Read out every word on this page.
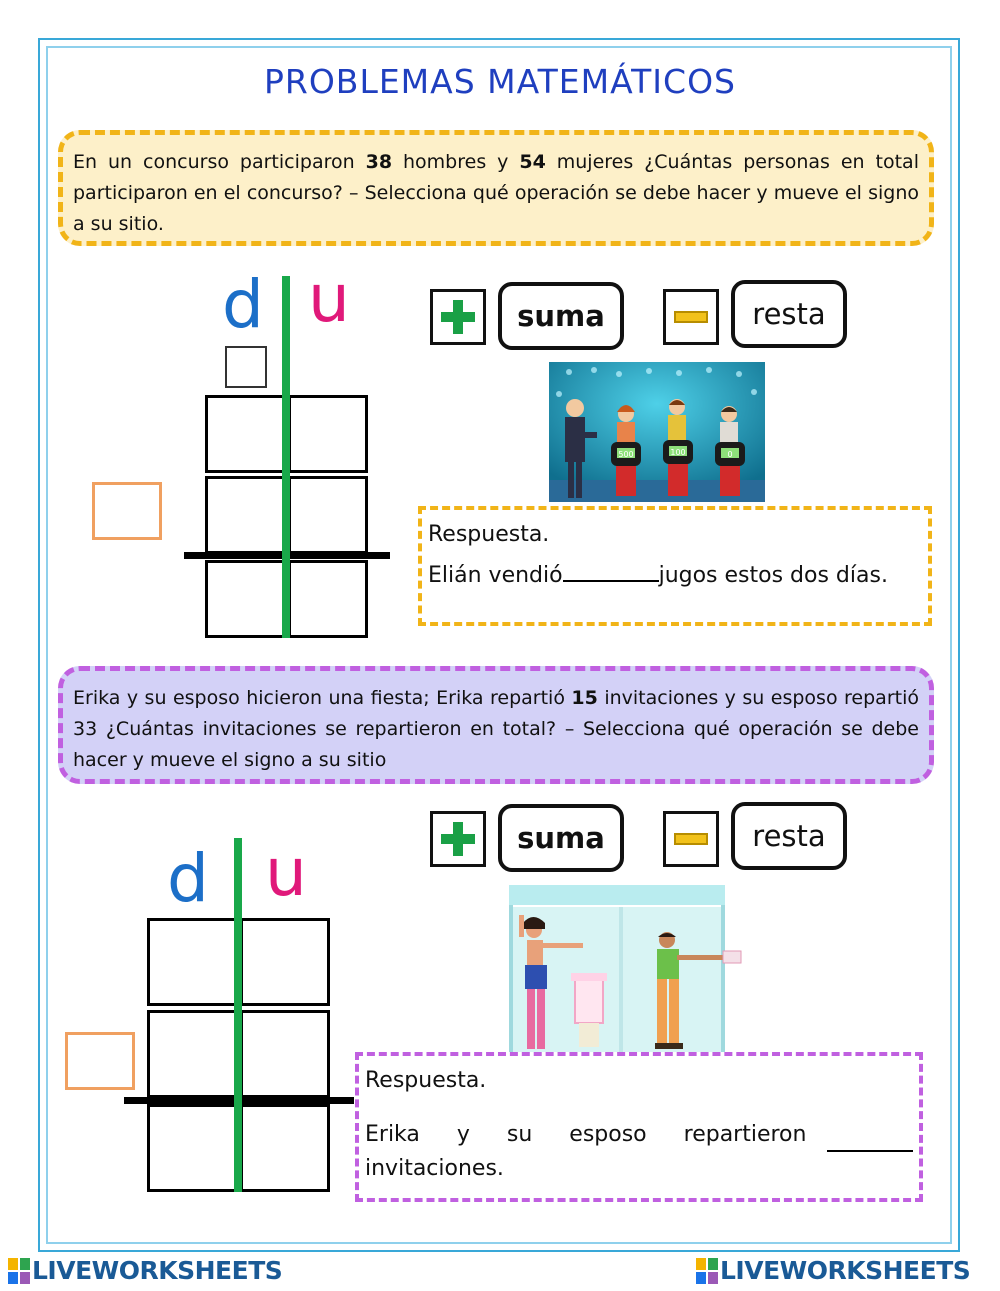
PROBLEMAS MATEMÁTICOS
En un concurso participaron 38 hombres y 54 mujeres ¿Cuántas personas en total participaron en el concurso? – Selecciona qué operación se debe hacer y mueve el signo a su sitio.
d u	suma	resta
500	100	0
Respuesta.
Elián vendió	jugos estos dos días.
Erika y su esposo hicieron una fiesta; Erika repartió 15 invitaciones y su esposo repartió 33 ¿Cuántas invitaciones se repartieron en total? – Selecciona qué operación se debe hacer y mueve el signo a su sitio
d u	suma	resta
Respuesta.
Erika y su esposo repartieron
invitaciones.
LIVEWORKSHEETS	LIVEWORKSHEETS
